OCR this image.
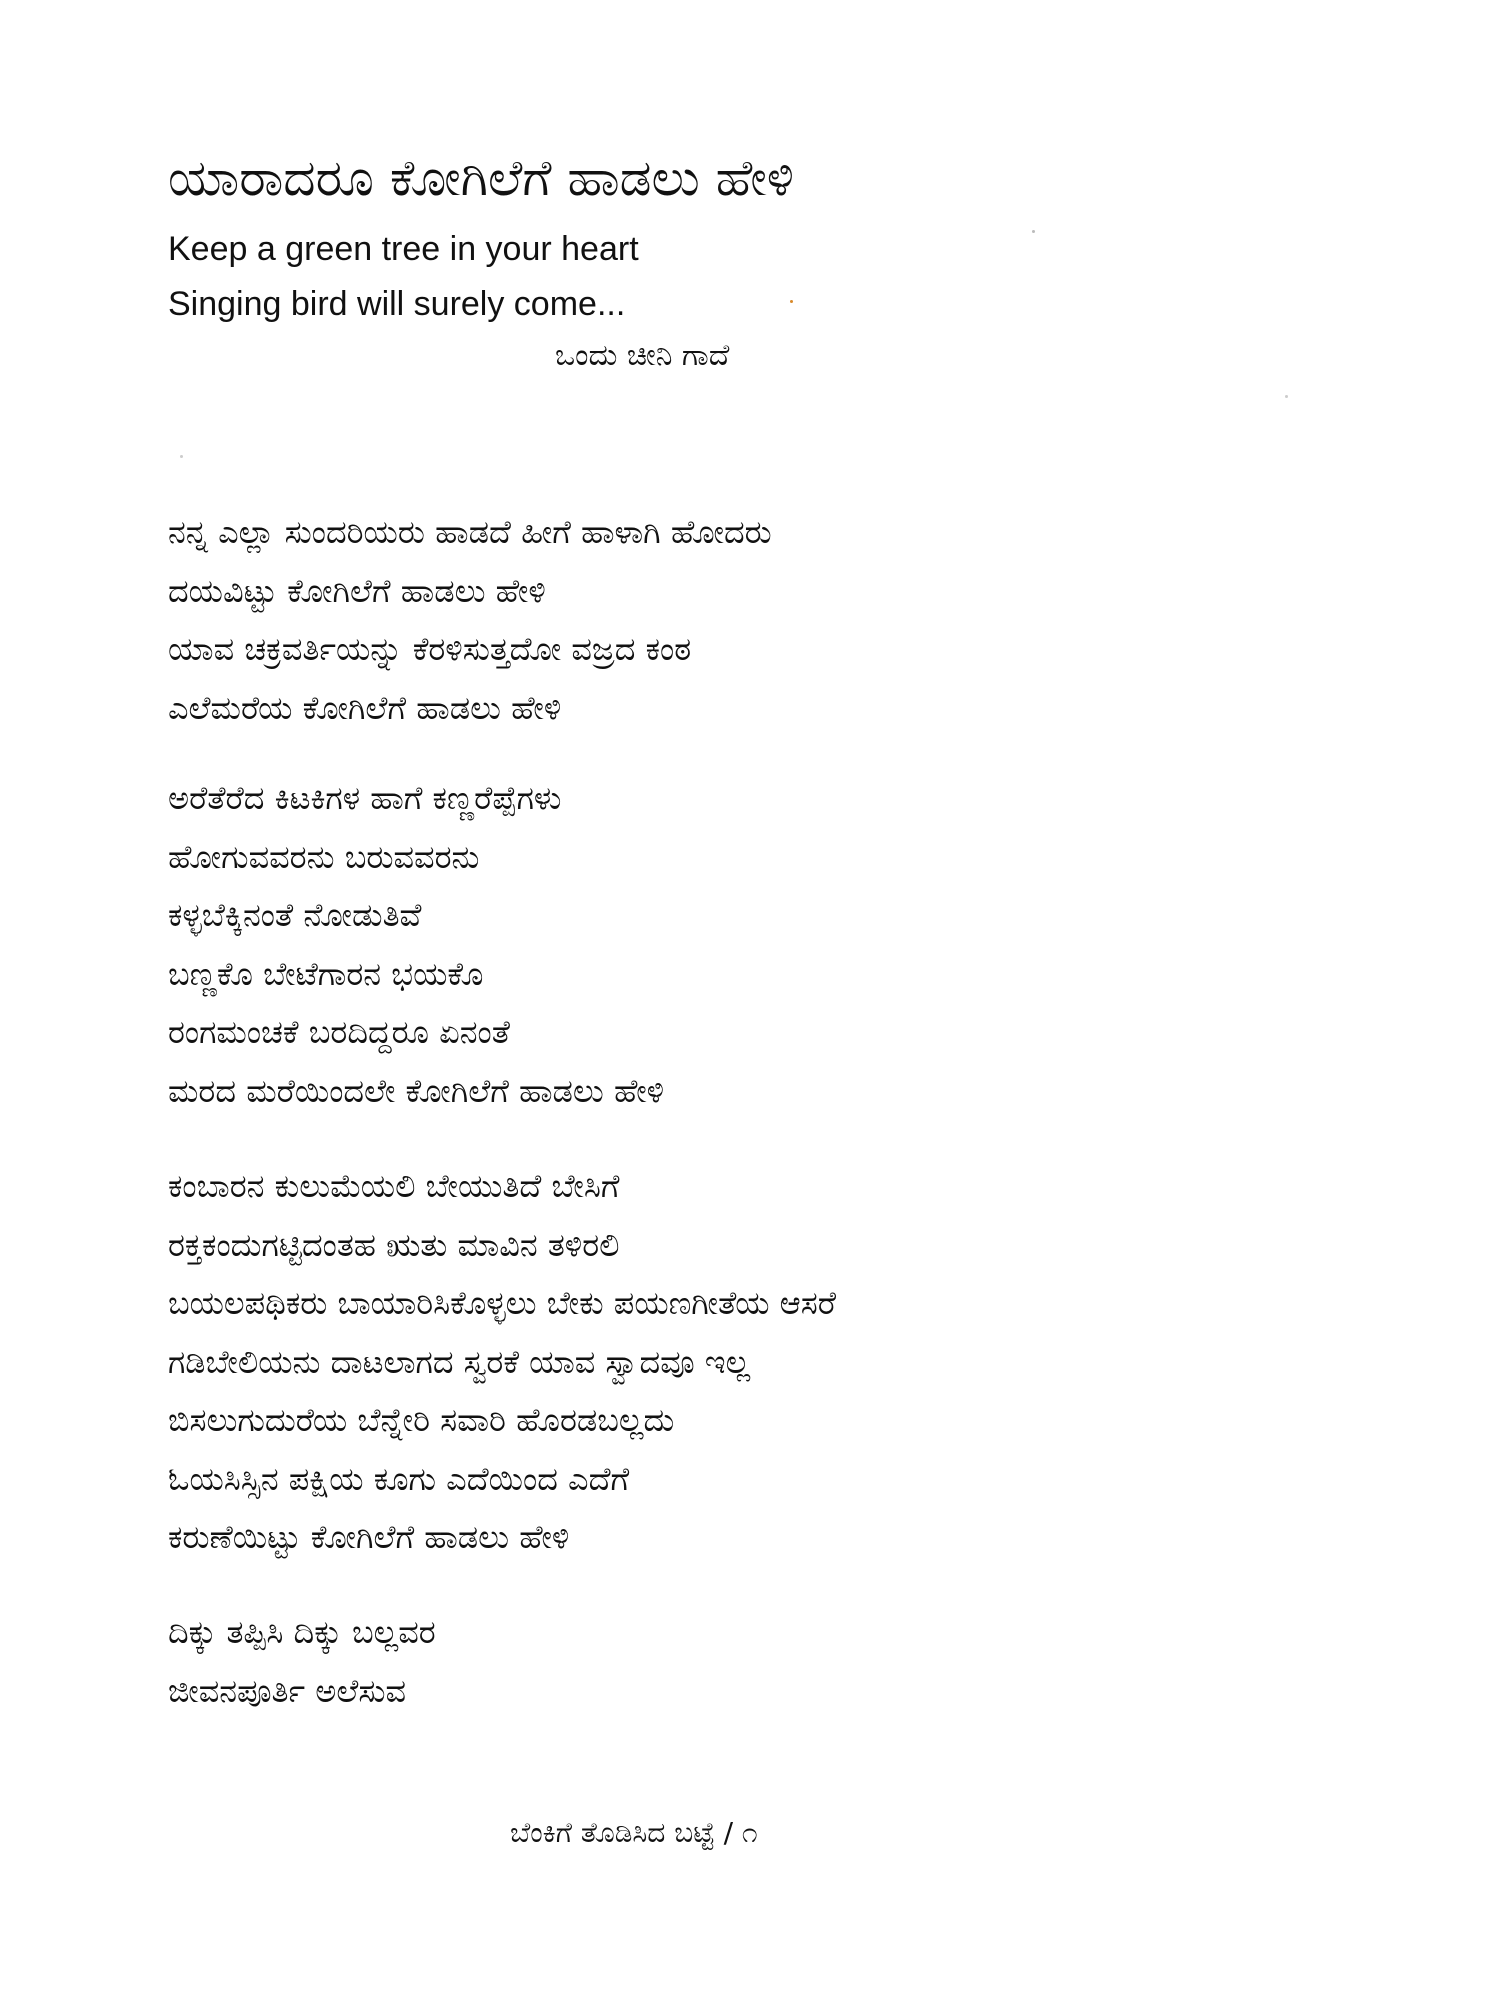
ಯಾರಾದರೂ ಕೋಗಿಲೆಗೆ ಹಾಡಲು ಹೇಳಿ
Keep a green tree in your heart
Singing bird will surely come...
ಒಂದು ಚೀನಿ ಗಾದೆ
ನನ್ನ ಎಲ್ಲಾ ಸುಂದರಿಯರು ಹಾಡದೆ ಹೀಗೆ ಹಾಳಾಗಿ ಹೋದರು
ದಯವಿಟ್ಟು ಕೋಗಿಲೆಗೆ ಹಾಡಲು ಹೇಳಿ
ಯಾವ ಚಕ್ರವರ್ತಿಯನ್ನು ಕೆರಳಿಸುತ್ತದೋ ವಜ್ರದ ಕಂಠ
ಎಲೆಮರೆಯ ಕೋಗಿಲೆಗೆ ಹಾಡಲು ಹೇಳಿ
ಅರೆತೆರೆದ ಕಿಟಕಿಗಳ ಹಾಗೆ ಕಣ್ಣರೆಪ್ಪೆಗಳು
ಹೋಗುವವರನು ಬರುವವರನು
ಕಳ್ಳಬೆಕ್ಕಿನಂತೆ ನೋಡುತಿವೆ
ಬಣ್ಣಕೊ ಬೇಟೆಗಾರನ ಭಯಕೊ
ರಂಗಮಂಚಕೆ ಬರದಿದ್ದರೂ ಏನಂತೆ
ಮರದ ಮರೆಯಿಂದಲೇ ಕೋಗಿಲೆಗೆ ಹಾಡಲು ಹೇಳಿ
ಕಂಬಾರನ ಕುಲುಮೆಯಲಿ ಬೇಯುತಿದೆ ಬೇಸಿಗೆ
ರಕ್ತಕಂದುಗಟ್ಟಿದಂತಹ ಋತು ಮಾವಿನ ತಳಿರಲಿ
ಬಯಲಪಥಿಕರು ಬಾಯಾರಿಸಿಕೊಳ್ಳಲು ಬೇಕು ಪಯಣಗೀತೆಯ ಆಸರೆ
ಗಡಿಬೇಲಿಯನು ದಾಟಲಾಗದ ಸ್ವರಕೆ ಯಾವ ಸ್ವಾದವೂ ಇಲ್ಲ
ಬಿಸಲುಗುದುರೆಯ ಬೆನ್ನೇರಿ ಸವಾರಿ ಹೊರಡಬಲ್ಲದು
ಓಯಸಿಸ್ಸಿನ ಪಕ್ಷಿಯ ಕೂಗು ಎದೆಯಿಂದ ಎದೆಗೆ
ಕರುಣೆಯಿಟ್ಟು ಕೋಗಿಲೆಗೆ ಹಾಡಲು ಹೇಳಿ
ದಿಕ್ಕು ತಪ್ಪಿಸಿ ದಿಕ್ಕು ಬಲ್ಲವರ
ಜೀವನಪೂರ್ತಿ ಅಲೆಸುವ
ಬೆಂಕಿಗೆ ತೊಡಿಸಿದ ಬಟ್ಟೆ / ೧
